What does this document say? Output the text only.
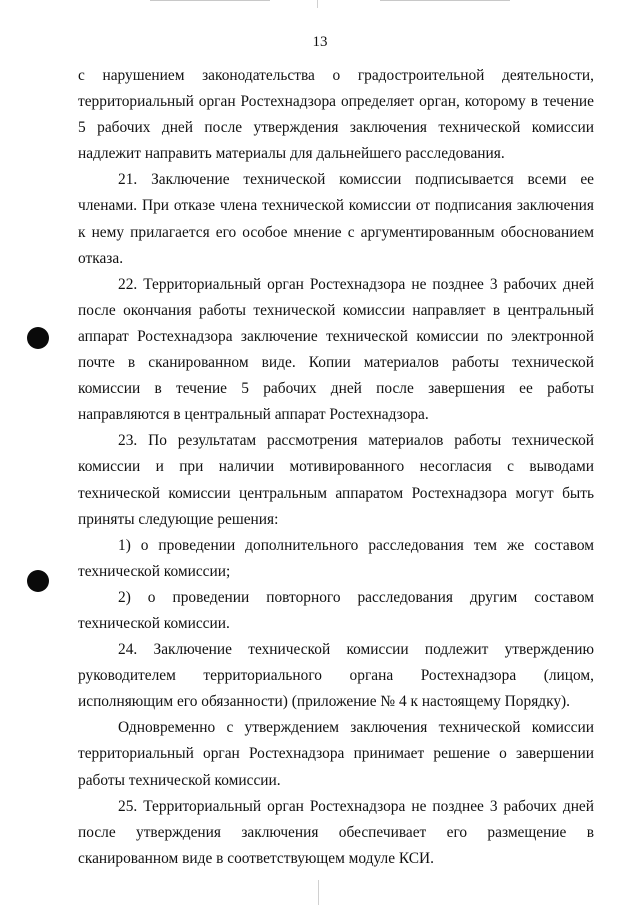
13

с нарушением законодательства о градостроительной деятельности, территориальный орган Ростехнадзора определяет орган, которому в течение 5 рабочих дней после утверждения заключения технической комиссии надлежит направить материалы для дальнейшего расследования.

21. Заключение технической комиссии подписывается всеми ее членами. При отказе члена технической комиссии от подписания заключения к нему прилагается его особое мнение с аргументированным обоснованием отказа.

22. Территориальный орган Ростехнадзора не позднее 3 рабочих дней после окончания работы технической комиссии направляет в центральный аппарат Ростехнадзора заключение технической комиссии по электронной почте в сканированном виде. Копии материалов работы технической комиссии в течение 5 рабочих дней после завершения ее работы направляются в центральный аппарат Ростехнадзора.

23. По результатам рассмотрения материалов работы технической комиссии и при наличии мотивированного несогласия с выводами технической комиссии центральным аппаратом Ростехнадзора могут быть приняты следующие решения:

1) о проведении дополнительного расследования тем же составом технической комиссии;

2) о проведении повторного расследования другим составом технической комиссии.

24. Заключение технической комиссии подлежит утверждению руководителем территориального органа Ростехнадзора (лицом, исполняющим его обязанности) (приложение № 4 к настоящему Порядку).

Одновременно с утверждением заключения технической комиссии территориальный орган Ростехнадзора принимает решение о завершении работы технической комиссии.

25. Территориальный орган Ростехнадзора не позднее 3 рабочих дней после утверждения заключения обеспечивает его размещение в сканированном виде в соответствующем модуле КСИ.
